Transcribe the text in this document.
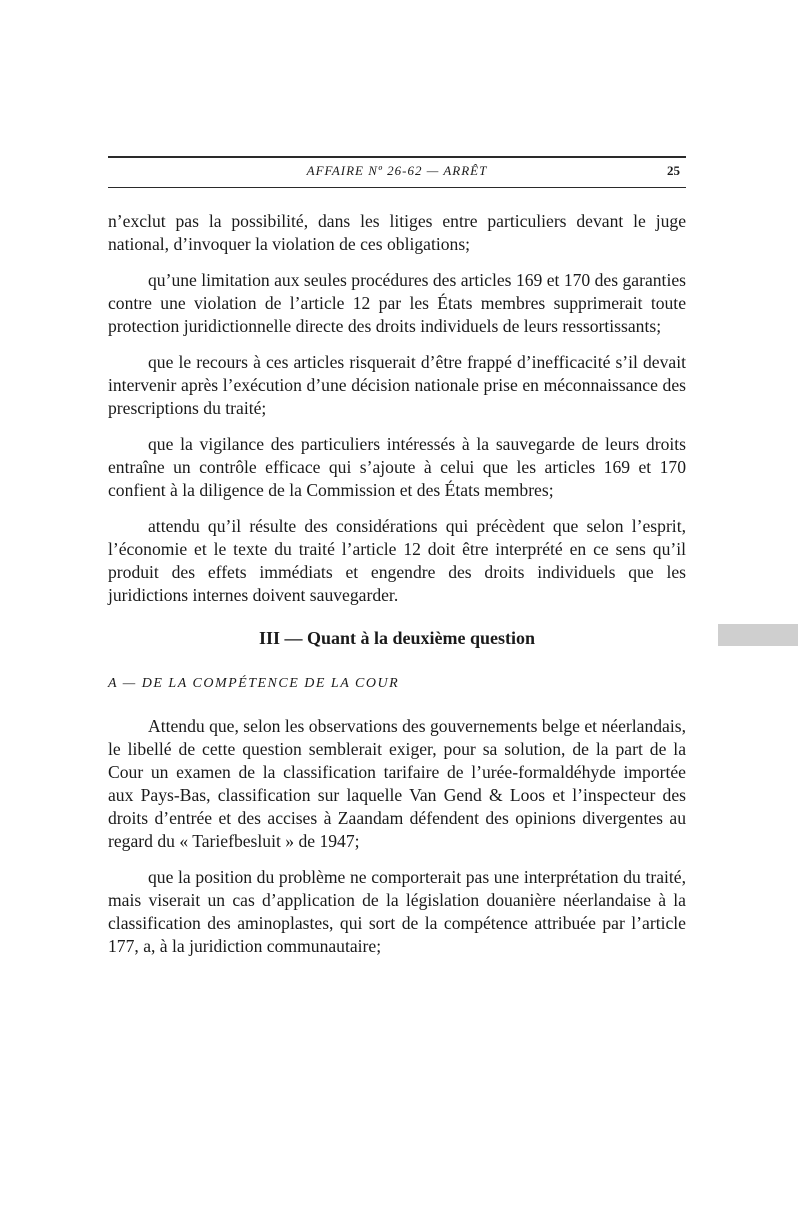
AFFAIRE Nº 26-62 — ARRÊT	25

n’exclut pas la possibilité, dans les litiges entre particuliers devant le juge national, d’invoquer la violation de ces obligations;

qu’une limitation aux seules procédures des articles 169 et 170 des garanties contre une violation de l’article 12 par les États membres supprimerait toute protection juridictionnelle directe des droits individuels de leurs ressortissants;

que le recours à ces articles risquerait d’être frappé d’inefficacité s’il devait intervenir après l’exécution d’une décision nationale prise en méconnaissance des prescriptions du traité;

que la vigilance des particuliers intéressés à la sauvegarde de leurs droits entraîne un contrôle efficace qui s’ajoute à celui que les articles 169 et 170 confient à la diligence de la Commission et des États membres;

attendu qu’il résulte des considérations qui précèdent que selon l’esprit, l’économie et le texte du traité l’article 12 doit être interprété en ce sens qu’il produit des effets immédiats et engendre des droits individuels que les juridictions internes doivent sauvegarder.

III — Quant à la deuxième question

A — DE LA COMPÉTENCE DE LA COUR

Attendu que, selon les observations des gouvernements belge et néerlandais, le libellé de cette question semblerait exiger, pour sa solution, de la part de la Cour un examen de la classification tarifaire de l’urée-formaldéhyde importée aux Pays-Bas, classification sur laquelle Van Gend & Loos et l’inspecteur des droits d’entrée et des accises à Zaandam défendent des opinions divergentes au regard du « Tariefbesluit » de 1947;

que la position du problème ne comporterait pas une interprétation du traité, mais viserait un cas d’application de la législation douanière néerlandaise à la classification des aminoplastes, qui sort de la compétence attribuée par l’article 177, a, à la juridiction communautaire;
